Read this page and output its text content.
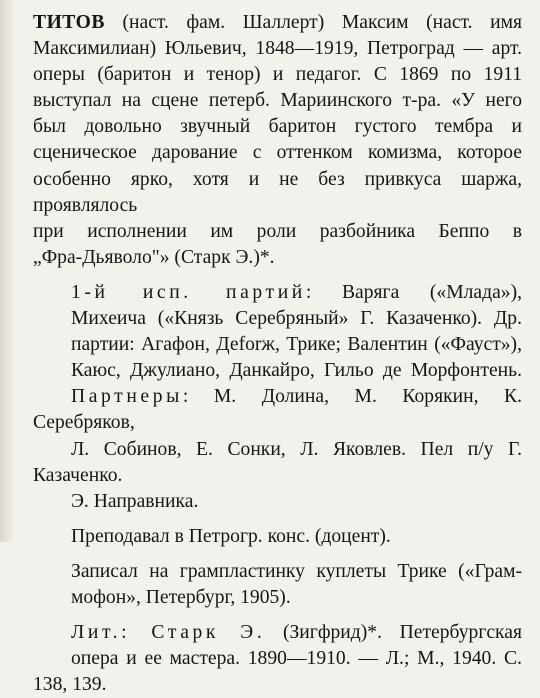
ТИТОВ (наст. фам. Шаллерт) Максим (наст. имя
Максимилиан) Юльевич, 1848—1919, Петроград — арт.
оперы (баритон и тенор) и педагог. С 1869 по 1911
выступал на сцене петерб. Мариинского т-ра. «У него
был довольно звучный баритон густого тембра и
сценическое дарование с оттенком комизма, которое
особенно ярко, хотя и не без привкуса шаржа, проявлялось
при исполнении им роли разбойника Беппо в
„Фра-Дьяволо"» (Старк Э.)*.
1-й исп. партий: Варяга («Млада»),
Михеича («Князь Серебряный» Г. Казаченко). Др.
партии: Агафон, Деforж, Трике; Валентин («Фауст»),
Каюс, Джулиано, Данкайро, Гильо де Морфонтень.
Партнеры: М. Долина, М. Корякин, К. Серебряков,
Л. Собинов, Е. Сонки, Л. Яковлев. Пел п/у Г. Казаченко.
Э. Направника.
Преподавал в Петрогр. конс. (доцент).
Записал на грампластинку куплеты Трике («Грам-
мофон», Петербург, 1905).
Лит.: Старк Э. (Зигфрид)*. Петербургская
опера и ее мастера. 1890—1910. — Л.; М., 1940. С. 138, 139.
